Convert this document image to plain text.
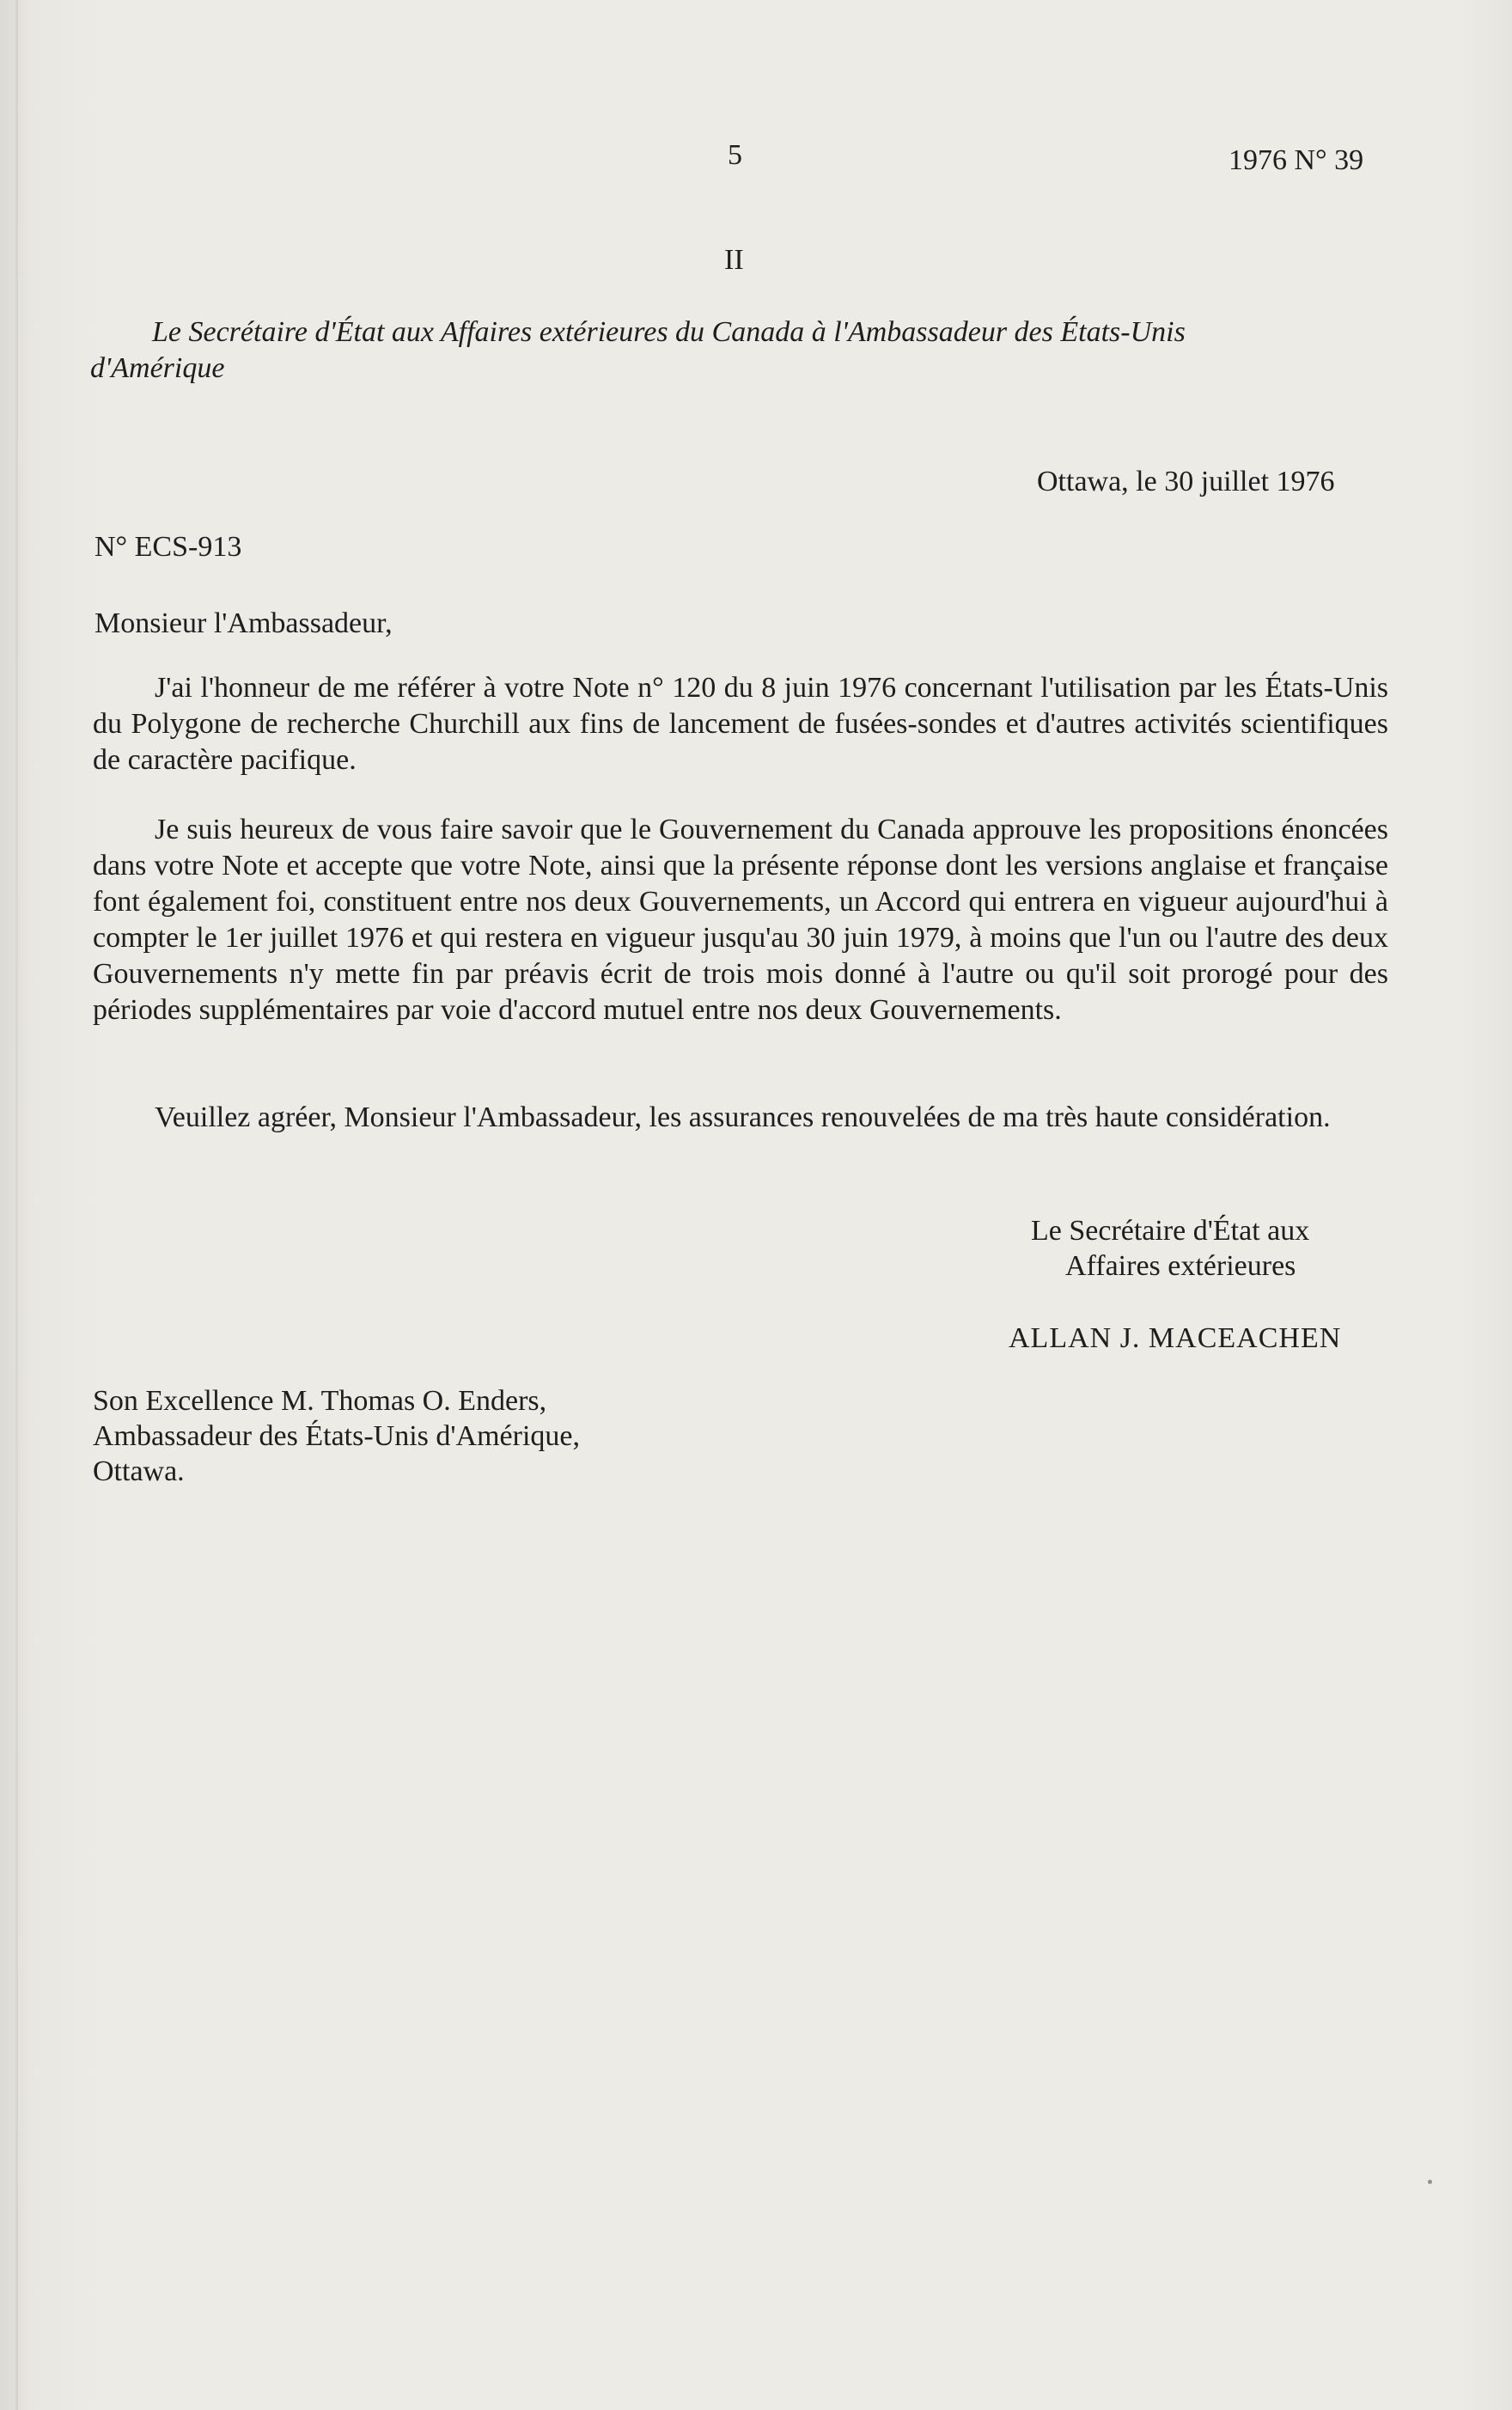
5	1976 N° 39
II
Le Secrétaire d'État aux Affaires extérieures du Canada à l'Ambassadeur des États-Unis
d'Amérique
Ottawa, le 30 juillet 1976
N° ECS-913
Monsieur l'Ambassadeur,
J'ai l'honneur de me référer à votre Note n° 120 du 8 juin 1976 concernant l'utilisation par les États-Unis du Polygone de recherche Churchill aux fins de lancement de fusées-sondes et d'autres activités scientifiques de caractère pacifique.
Je suis heureux de vous faire savoir que le Gouvernement du Canada approuve les propositions énoncées dans votre Note et accepte que votre Note, ainsi que la présente réponse dont les versions anglaise et française font également foi, constituent entre nos deux Gouvernements, un Accord qui entrera en vigueur aujourd'hui à compter le 1er juillet 1976 et qui restera en vigueur jusqu'au 30 juin 1979, à moins que l'un ou l'autre des deux Gouvernements n'y mette fin par préavis écrit de trois mois donné à l'autre ou qu'il soit prorogé pour des périodes supplémentaires par voie d'accord mutuel entre nos deux Gouvernements.
Veuillez agréer, Monsieur l'Ambassadeur, les assurances renouvelées de ma très haute considération.
Le Secrétaire d'État aux
Affaires extérieures
ALLAN J. MACEACHEN
Son Excellence M. Thomas O. Enders,
Ambassadeur des États-Unis d'Amérique,
Ottawa.
